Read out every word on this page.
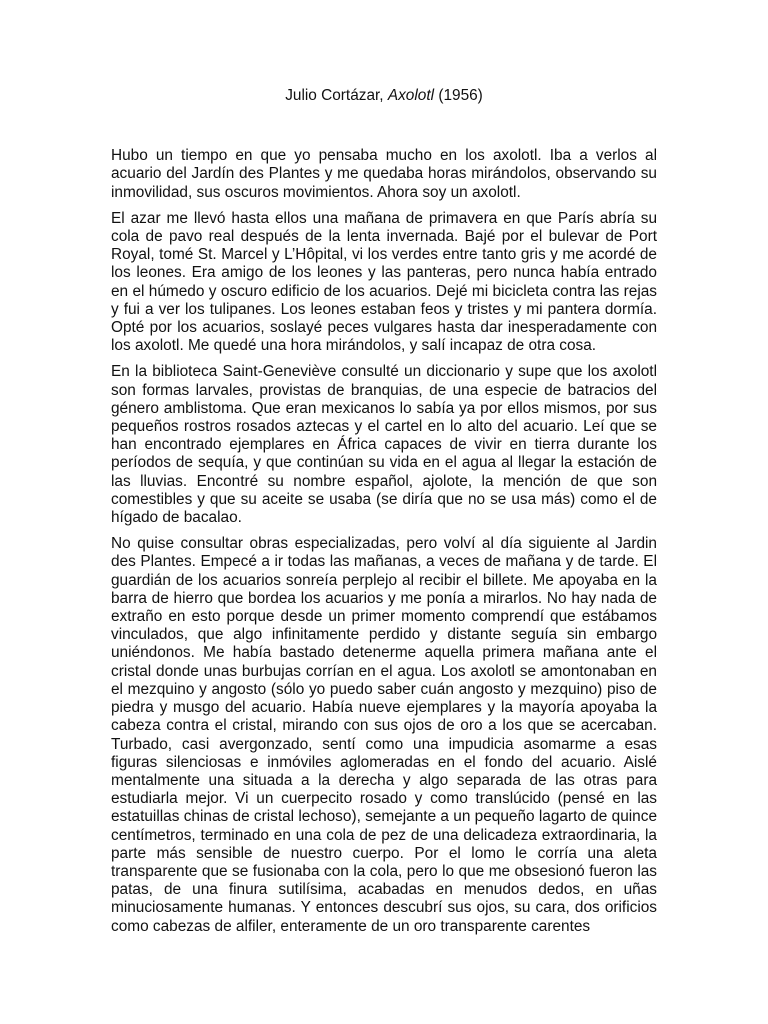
Julio Cortázar, Axolotl (1956)

Hubo un tiempo en que yo pensaba mucho en los axolotl. Iba a verlos al acuario del Jardín des Plantes y me quedaba horas mirándolos, observando su inmovilidad, sus oscuros movimientos. Ahora soy un axolotl.

El azar me llevó hasta ellos una mañana de primavera en que París abría su cola de pavo real después de la lenta invernada. Bajé por el bulevar de Port Royal, tomé St. Marcel y L’Hôpital, vi los verdes entre tanto gris y me acordé de los leones. Era amigo de los leones y las panteras, pero nunca había entrado en el húmedo y oscuro edificio de los acuarios. Dejé mi bicicleta contra las rejas y fui a ver los tulipanes. Los leones estaban feos y tristes y mi pantera dormía. Opté por los acuarios, soslayé peces vulgares hasta dar inesperadamente con los axolotl. Me quedé una hora mirándolos, y salí incapaz de otra cosa.

En la biblioteca Saint-Geneviève consulté un diccionario y supe que los axolotl son formas larvales, provistas de branquias, de una especie de batracios del género amblistoma. Que eran mexicanos lo sabía ya por ellos mismos, por sus pequeños rostros rosados aztecas y el cartel en lo alto del acuario. Leí que se han encontrado ejemplares en África capaces de vivir en tierra durante los períodos de sequía, y que continúan su vida en el agua al llegar la estación de las lluvias. Encontré su nombre español, ajolote, la mención de que son comestibles y que su aceite se usaba (se diría que no se usa más) como el de hígado de bacalao.

No quise consultar obras especializadas, pero volví al día siguiente al Jardin des Plantes. Empecé a ir todas las mañanas, a veces de mañana y de tarde. El guardián de los acuarios sonreía perplejo al recibir el billete. Me apoyaba en la barra de hierro que bordea los acuarios y me ponía a mirarlos. No hay nada de extraño en esto porque desde un primer momento comprendí que estábamos vinculados, que algo infinitamente perdido y distante seguía sin embargo uniéndonos. Me había bastado detenerme aquella primera mañana ante el cristal donde unas burbujas corrían en el agua. Los axolotl se amontonaban en el mezquino y angosto (sólo yo puedo saber cuán angosto y mezquino) piso de piedra y musgo del acuario. Había nueve ejemplares y la mayoría apoyaba la cabeza contra el cristal, mirando con sus ojos de oro a los que se acercaban. Turbado, casi avergonzado, sentí como una impudicia asomarme a esas figuras silenciosas e inmóviles aglomeradas en el fondo del acuario. Aislé mentalmente una situada a la derecha y algo separada de las otras para estudiarla mejor. Vi un cuerpecito rosado y como translúcido (pensé en las estatuillas chinas de cristal lechoso), semejante a un pequeño lagarto de quince centímetros, terminado en una cola de pez de una delicadeza extraordinaria, la parte más sensible de nuestro cuerpo. Por el lomo le corría una aleta transparente que se fusionaba con la cola, pero lo que me obsesionó fueron las patas, de una finura sutilísima, acabadas en menudos dedos, en uñas minuciosamente humanas. Y entonces descubrí sus ojos, su cara, dos orificios como cabezas de alfiler, enteramente de un oro transparente carentes
